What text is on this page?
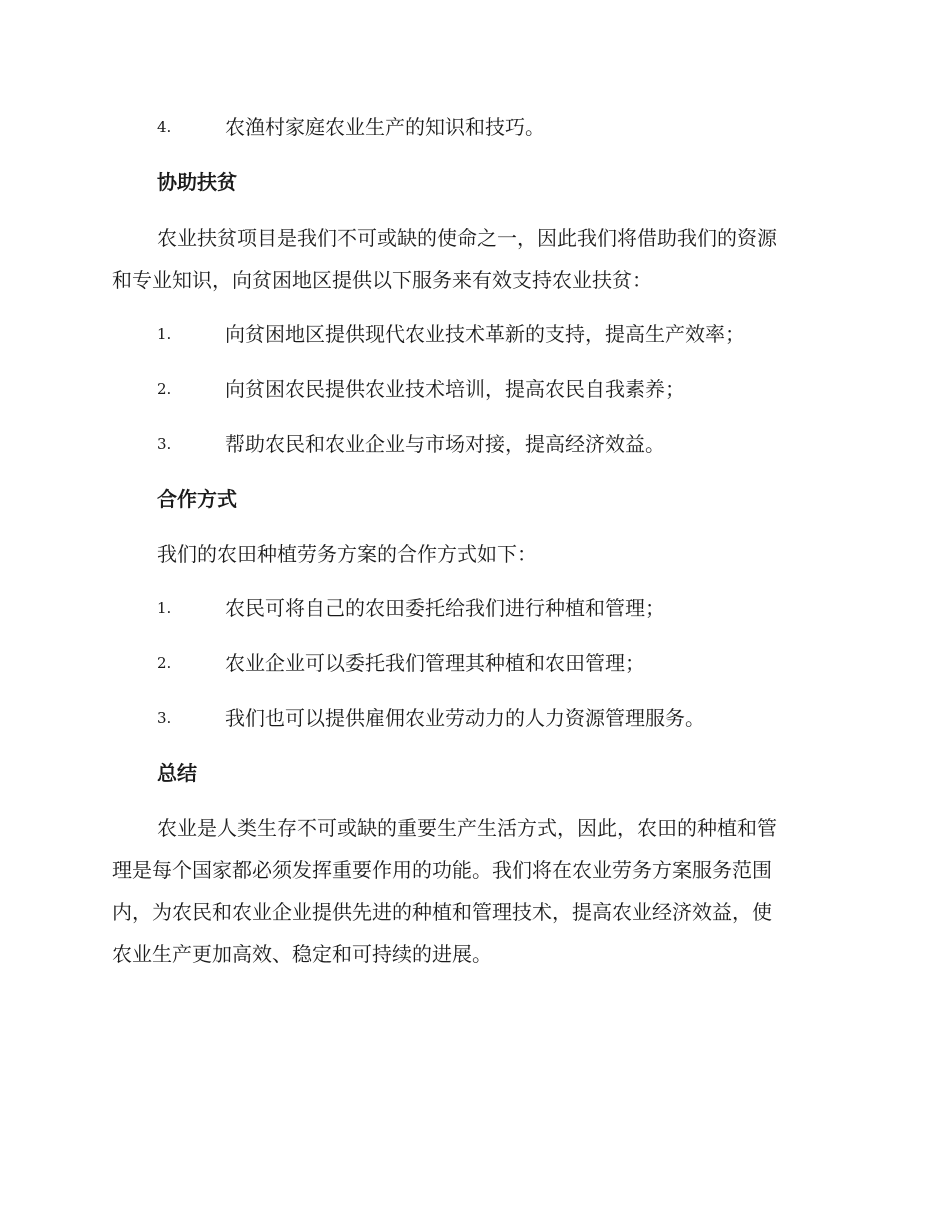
4.	农渔村家庭农业生产的知识和技巧。
协助扶贫
农业扶贫项目是我们不可或缺的使命之一，因此我们将借助我们的资源
和专业知识，向贫困地区提供以下服务来有效支持农业扶贫：
1.	向贫困地区提供现代农业技术革新的支持，提高生产效率；
2.	向贫困农民提供农业技术培训，提高农民自我素养；
3.	帮助农民和农业企业与市场对接，提高经济效益。
合作方式
我们的农田种植劳务方案的合作方式如下：
1.	农民可将自己的农田委托给我们进行种植和管理；
2.	农业企业可以委托我们管理其种植和农田管理；
3.	我们也可以提供雇佣农业劳动力的人力资源管理服务。
总结
农业是人类生存不可或缺的重要生产生活方式，因此，农田的种植和管
理是每个国家都必须发挥重要作用的功能。我们将在农业劳务方案服务范围
内，为农民和农业企业提供先进的种植和管理技术，提高农业经济效益，使
农业生产更加高效、稳定和可持续的进展。
